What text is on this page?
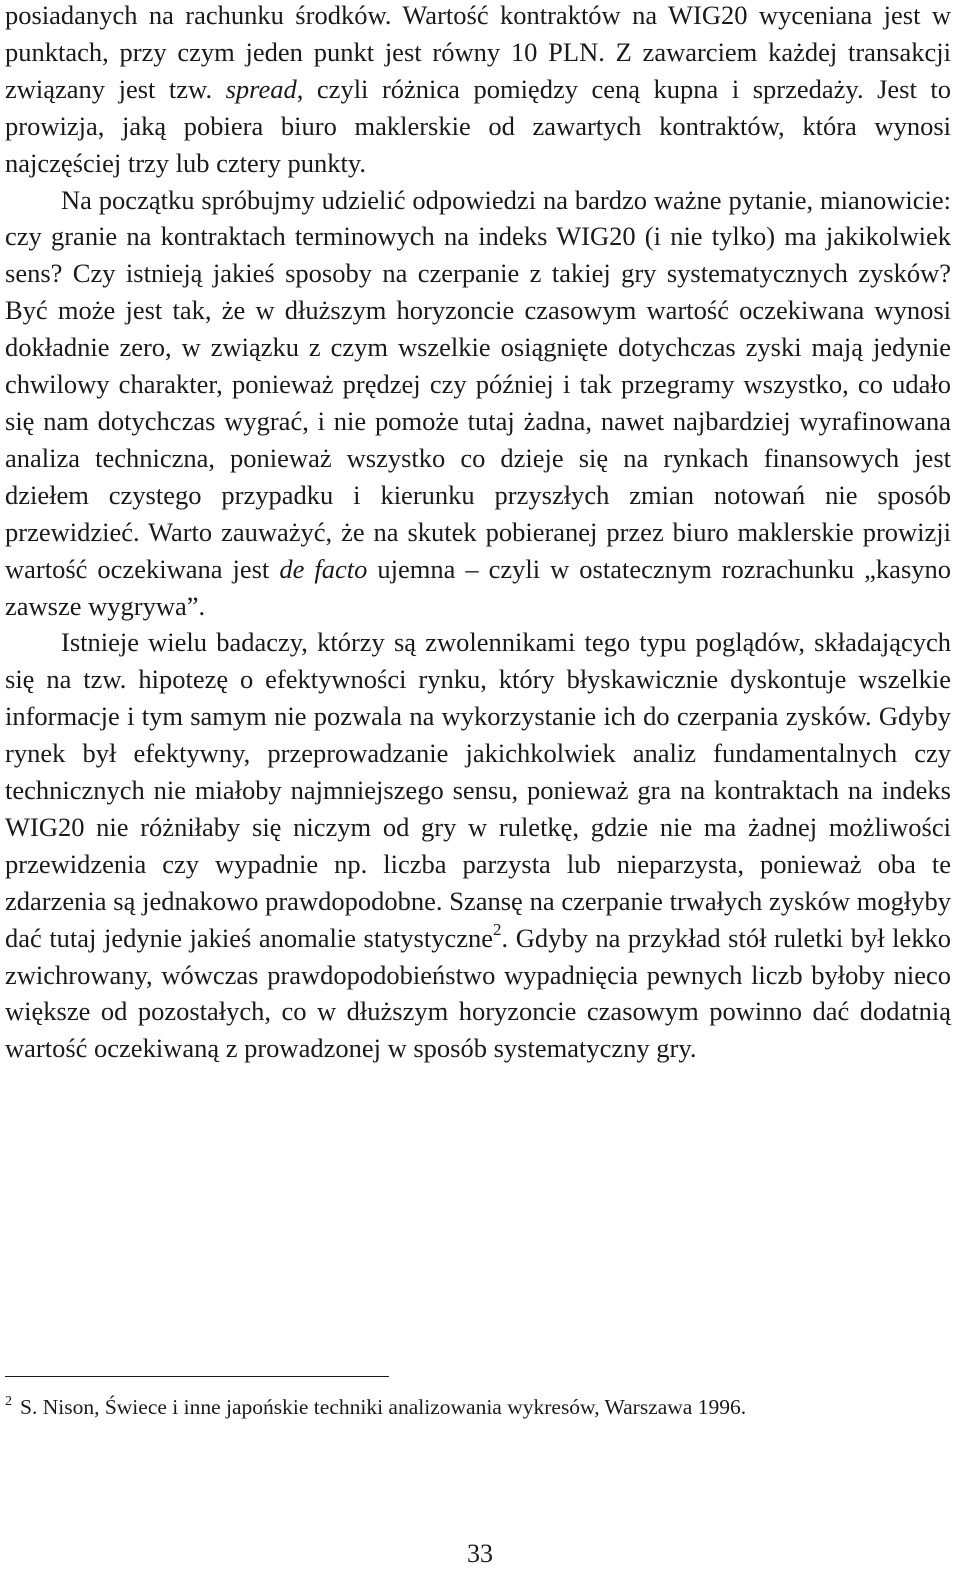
posiadanych na rachunku środków. Wartość kontraktów na WIG20 wyceniana jest w punktach, przy czym jeden punkt jest równy 10 PLN. Z zawarciem każdej transakcji związany jest tzw. spread, czyli różnica pomiędzy ceną kupna i sprzedaży. Jest to prowizja, jaką pobiera biuro maklerskie od zawartych kontraktów, która wynosi najczęściej trzy lub cztery punkty.

Na początku spróbujmy udzielić odpowiedzi na bardzo ważne pytanie, mianowicie: czy granie na kontraktach terminowych na indeks WIG20 (i nie tylko) ma jakikolwiek sens? Czy istnieją jakieś sposoby na czerpanie z takiej gry systematycznych zysków? Być może jest tak, że w dłuższym horyzoncie czasowym wartość oczekiwana wynosi dokładnie zero, w związku z czym wszelkie osiągnięte dotychczas zyski mają jedynie chwilowy charakter, ponieważ prędzej czy później i tak przegramy wszystko, co udało się nam dotychczas wygrać, i nie pomoże tutaj żadna, nawet najbardziej wyrafinowana analiza techniczna, ponieważ wszystko co dzieje się na rynkach finansowych jest dziełem czystego przypadku i kierunku przyszłych zmian notowań nie sposób przewidzieć. Warto zauważyć, że na skutek pobieranej przez biuro maklerskie prowizji wartość oczekiwana jest de facto ujemna – czyli w ostatecznym rozrachunku „kasyno zawsze wygrywa”.

Istnieje wielu badaczy, którzy są zwolennikami tego typu poglądów, składających się na tzw. hipotezę o efektywności rynku, który błyskawicznie dyskontuje wszelkie informacje i tym samym nie pozwala na wykorzystanie ich do czerpania zysków. Gdyby rynek był efektywny, przeprowadzanie jakichkolwiek analiz fundamentalnych czy technicznych nie miałoby najmniejszego sensu, ponieważ gra na kontraktach na indeks WIG20 nie różniłaby się niczym od gry w ruletkę, gdzie nie ma żadnej możliwości przewidzenia czy wypadnie np. liczba parzysta lub nieparzysta, ponieważ oba te zdarzenia są jednakowo prawdopodobne. Szansę na czerpanie trwałych zysków mogłyby dać tutaj jedynie jakieś anomalie statystyczne$^2$. Gdyby na przykład stół ruletki był lekko zwichrowany, wówczas prawdopodobieństwo wypadnięcia pewnych liczb byłoby nieco większe od pozostałych, co w dłuższym horyzoncie czasowym powinno dać dodatnią wartość oczekiwaną z prowadzonej w sposób systematyczny gry.

$^2$ S. Nison, Świece i inne japońskie techniki analizowania wykresów, Warszawa 1996.
33
